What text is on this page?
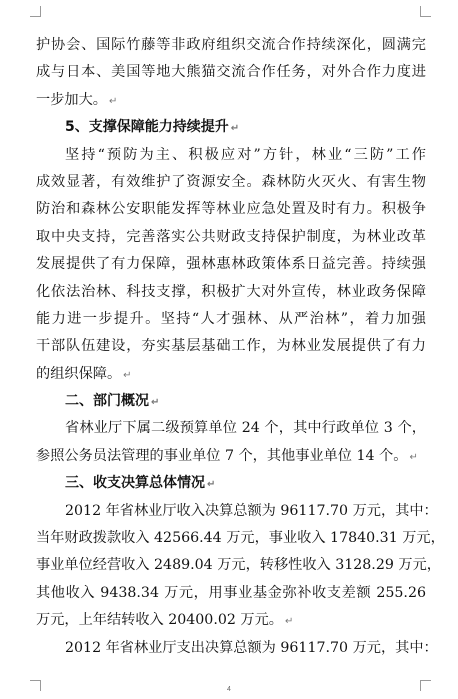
护协会、国际竹藤等非政府组织交流合作持续深化，圆满完
成与日本、美国等地大熊猫交流合作任务，对外合作力度进
一步加大。 ↵
5、支撑保障能力持续提升 ↵
坚持“预防为主、积极应对”方针，林业“三防”工作
成效显著，有效维护了资源安全。森林防火灭火、有害生物
防治和森林公安职能发挥等林业应急处置及时有力。积极争
取中央支持，完善落实公共财政支持保护制度，为林业改革
发展提供了有力保障，强林惠林政策体系日益完善。持续强
化依法治林、科技支撑，积极扩大对外宣传，林业政务保障
能力进一步提升。坚持“人才强林、从严治林”，着力加强
干部队伍建设，夯实基层基础工作，为林业发展提供了有力
的组织保障。 ↵
二、部门概况 ↵
省林业厅下属二级预算单位 24 个，其中行政单位 3 个，
参照公务员法管理的事业单位 7 个，其他事业单位 14 个。 ↵
三、收支决算总体情况 ↵
2012 年省林业厅收入决算总额为 96117.70 万元，其中：
当年财政拨款收入 42566.44 万元，事业收入 17840.31 万元，
事业单位经营收入 2489.04 万元，转移性收入 3128.29 万元，
其他收入 9438.34 万元，用事业基金弥补收支差额 255.26
万元，上年结转收入 20400.02 万元。 ↵
2012 年省林业厅支出决算总额为 96117.70 万元，其中：
4
